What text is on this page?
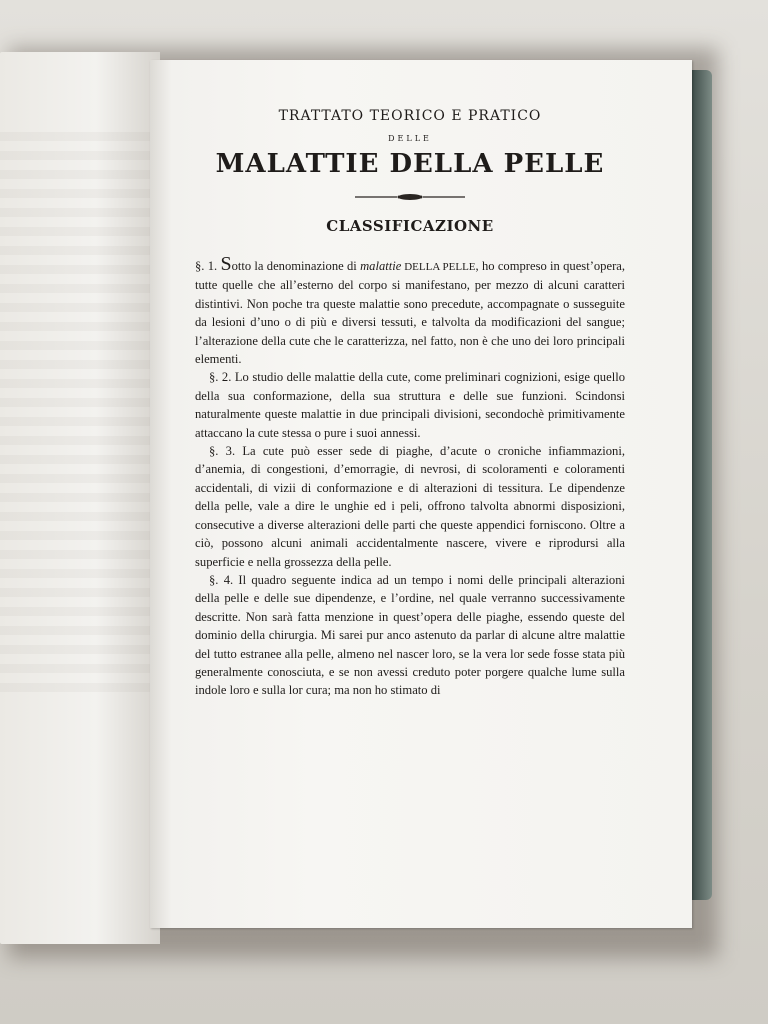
TRATTATO TEORICO E PRATICO
DELLE
MALATTIE DELLA PELLE
CLASSIFICAZIONE

§. 1. Sotto la denominazione di malattie DELLA PELLE, ho compreso in quest’opera, tutte quelle che all’esterno del corpo si manifestano, per mezzo di alcuni caratteri distintivi. Non poche tra queste malattie sono precedute, accompagnate o susseguite da lesioni d’uno o di più e diversi tessuti, e talvolta da modificazioni del sangue; l’alterazione della cute che le caratterizza, nel fatto, non è che uno dei loro principali elementi.

§. 2. Lo studio delle malattie della cute, come preliminari cognizioni, esige quello della sua conformazione, della sua struttura e delle sue funzioni. Scindonsi naturalmente queste malattie in due principali divisioni, secondochè primitivamente attaccano la cute stessa o pure i suoi annessi.

§. 3. La cute può esser sede di piaghe, d’acute o croniche infiammazioni, d’anemia, di congestioni, d’emorragie, di nevrosi, di scoloramenti e coloramenti accidentali, di vizii di conformazione e di alterazioni di tessitura. Le dipendenze della pelle, vale a dire le unghie ed i peli, offrono talvolta abnormi disposizioni, consecutive a diverse alterazioni delle parti che queste appendici forniscono. Oltre a ciò, possono alcuni animali accidentalmente nascere, vivere e riprodursi alla superficie e nella grossezza della pelle.

§. 4. Il quadro seguente indica ad un tempo i nomi delle principali alterazioni della pelle e delle sue dipendenze, e l’ordine, nel quale verranno successivamente descritte. Non sarà fatta menzione in quest’opera delle piaghe, essendo queste del dominio della chirurgia. Mi sarei pur anco astenuto da parlar di alcune altre malattie del tutto estranee alla pelle, almeno nel nascer loro, se la vera lor sede fosse stata più generalmente conosciuta, e se non avessi creduto poter porgere qualche lume sulla indole loro e sulla lor cura; ma non ho stimato di
